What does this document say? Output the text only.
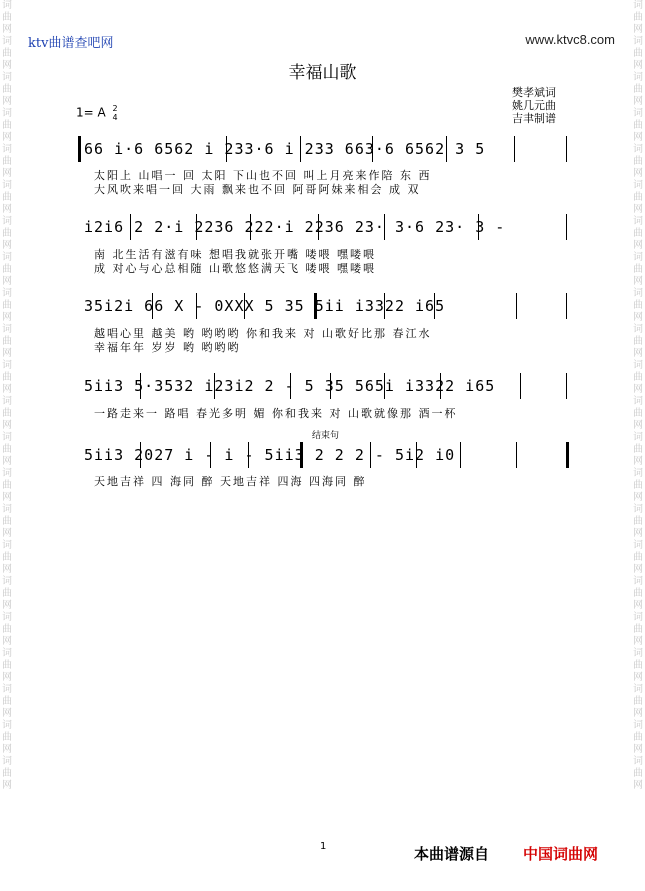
词
曲
网
词
曲
网
词
曲
网
词
曲
网
词
曲
网
词
曲
网
词
曲
网
词
曲
网
词
曲
网
词
曲
网
词
曲
网
词
曲
网
词
曲
网
词
曲
网
词
曲
网
词
曲
网
词
曲
网
词
曲
网
词
曲
网
词
曲
网
词
曲
网
词
曲
网
词
曲
网
词
曲
网
词
曲
网
词
曲
网
词
曲
网
词
曲
网
词
曲
网
词
曲
网
词
曲
网
词
曲
网
词
曲
网
词
曲
网
词
曲
网
词
曲
网
词
曲
网
词
曲
网
词
曲
网
词
曲
网
词
曲
网
词
曲
网
词
曲
网
词
曲
网
ktv曲谱查吧网	www.ktvc8.com
幸福山歌
樊孝斌词
姚几元曲
吉聿制谱
1= A 2
4
66 i·6 6562 i 233·6 i 233 663·6 6562 3 5
太阳上 山唱一 回 太阳 下山也不回 叫上月亮来作陪 东 西
大风吹来唱一回 大雨 飘来也不回 阿哥阿妹来相会 成 双
i2i6 2 2·i 2236 222·i 2236 23· 3·6 23· 3 -
南 北生活有滋有味 想唱我就张开嘴 喽喂 嘿喽喂
成 对心与心总相随 山歌悠悠满天飞 喽喂 嘿喽喂
35i2i 66 X - 0XXX 5 35 5ii i3322 i65
越唱心里 越美 哟 哟哟哟 你和我来 对 山歌好比那 春江水
幸福年年 岁岁 哟 哟哟哟
5ii3 5·3532 i23i2 2 - 5 35 565i i3322 i65
一路走来一 路唱 春光多明 媚 你和我来 对 山歌就像那 酒一杯
结束句
5ii3 2027 i - i - 5ii3 2 2 2 - 5i2 i0
天地吉祥 四 海同 醉 天地吉祥 四海 四海同 醉
1	本曲谱源自 中国词曲网
